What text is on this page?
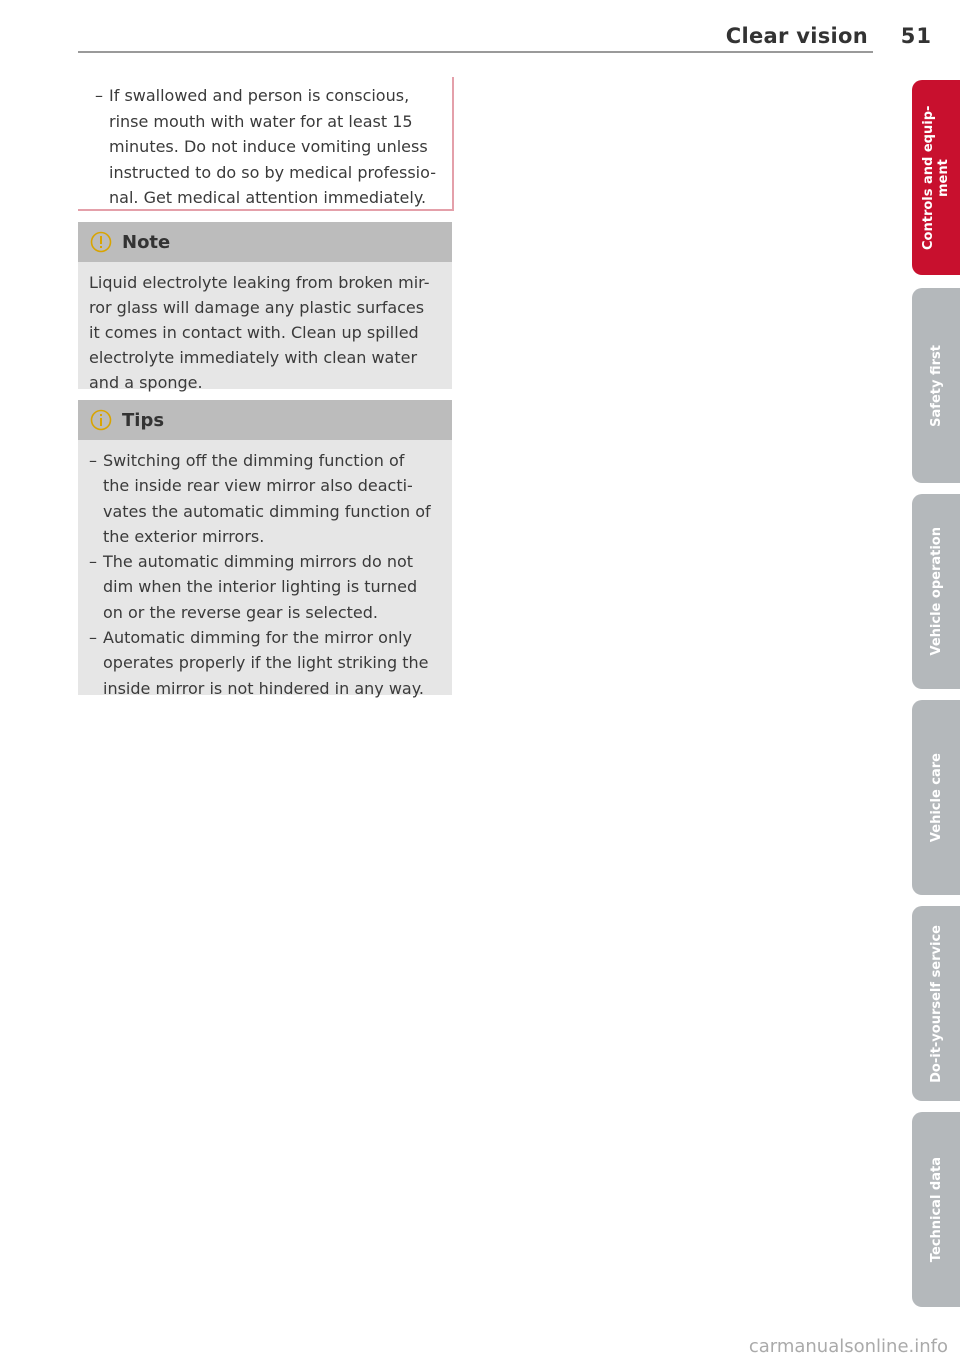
Clear vision 51

– If swallowed and person is conscious,
rinse mouth with water for at least 15
minutes. Do not induce vomiting unless
instructed to do so by medical professio-
nal. Get medical attention immediately.

Note

Liquid electrolyte leaking from broken mir-
ror glass will damage any plastic surfaces
it comes in contact with. Clean up spilled
electrolyte immediately with clean water
and a sponge.

Tips

– Switching off the dimming function of
the inside rear view mirror also deacti-
vates the automatic dimming function of
the exterior mirrors.

– The automatic dimming mirrors do not
dim when the interior lighting is turned
on or the reverse gear is selected.

– Automatic dimming for the mirror only
operates properly if the light striking the
inside mirror is not hindered in any way.

Controls and equip-ment
Safety first
Vehicle operation
Vehicle care
Do-it-yourself service
Technical data
carmanualsonline.info
